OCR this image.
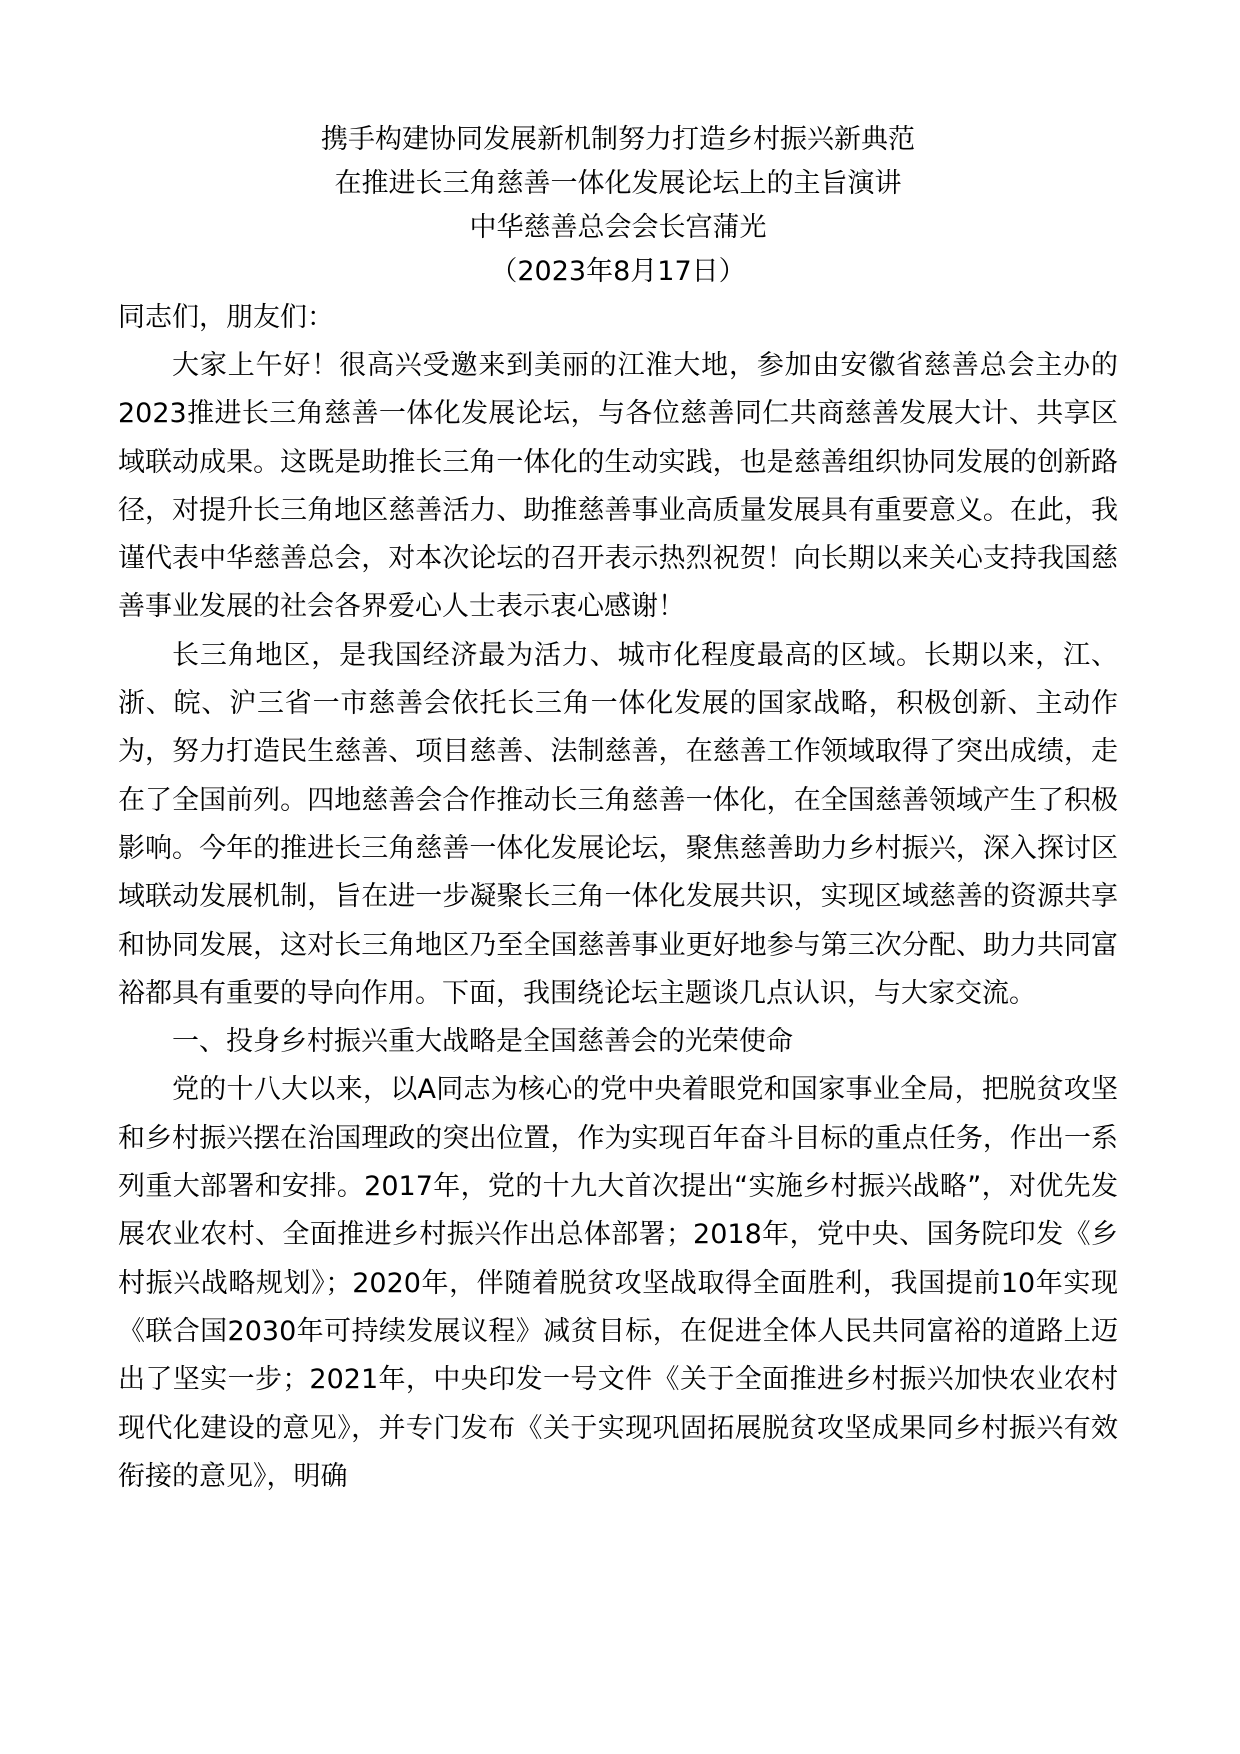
携手构建协同发展新机制努力打造乡村振兴新典范

在推进长三角慈善一体化发展论坛上的主旨演讲

中华慈善总会会长宫蒲光

（2023年8月17日）

同志们，朋友们：

大家上午好！很高兴受邀来到美丽的江淮大地，参加由安徽省慈善总会主办的2023推进长三角慈善一体化发展论坛，与各位慈善同仁共商慈善发展大计、共享区域联动成果。这既是助推长三角一体化的生动实践，也是慈善组织协同发展的创新路径，对提升长三角地区慈善活力、助推慈善事业高质量发展具有重要意义。在此，我谨代表中华慈善总会，对本次论坛的召开表示热烈祝贺！向长期以来关心支持我国慈善事业发展的社会各界爱心人士表示衷心感谢！

长三角地区，是我国经济最为活力、城市化程度最高的区域。长期以来，江、浙、皖、沪三省一市慈善会依托长三角一体化发展的国家战略，积极创新、主动作为，努力打造民生慈善、项目慈善、法制慈善，在慈善工作领域取得了突出成绩，走在了全国前列。四地慈善会合作推动长三角慈善一体化，在全国慈善领域产生了积极影响。今年的推进长三角慈善一体化发展论坛，聚焦慈善助力乡村振兴，深入探讨区域联动发展机制，旨在进一步凝聚长三角一体化发展共识，实现区域慈善的资源共享和协同发展，这对长三角地区乃至全国慈善事业更好地参与第三次分配、助力共同富裕都具有重要的导向作用。下面，我围绕论坛主题谈几点认识，与大家交流。

一、投身乡村振兴重大战略是全国慈善会的光荣使命

党的十八大以来，以A同志为核心的党中央着眼党和国家事业全局，把脱贫攻坚和乡村振兴摆在治国理政的突出位置，作为实现百年奋斗目标的重点任务，作出一系列重大部署和安排。2017年，党的十九大首次提出“实施乡村振兴战略”，对优先发展农业农村、全面推进乡村振兴作出总体部署；2018年，党中央、国务院印发《乡村振兴战略规划》；2020年，伴随着脱贫攻坚战取得全面胜利，我国提前10年实现《联合国2030年可持续发展议程》减贫目标，在促进全体人民共同富裕的道路上迈出了坚实一步；2021年，中央印发一号文件《关于全面推进乡村振兴加快农业农村现代化建设的意见》，并专门发布《关于实现巩固拓展脱贫攻坚成果同乡村振兴有效衔接的意见》，明确
